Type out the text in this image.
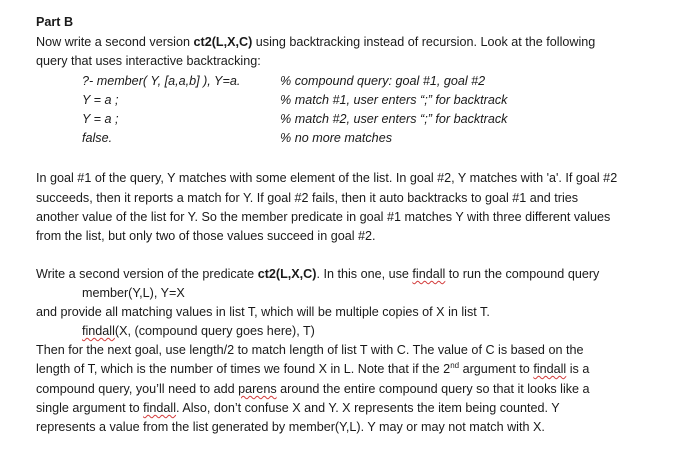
Part B
Now write a second version ct2(L,X,C) using backtracking instead of recursion. Look at the following
query that uses interactive backtracking:
?- member( Y, [a,a,b] ), Y=a.	% compound query: goal #1, goal #2
Y = a ;	% match #1, user enters “;” for backtrack
Y = a ;	% match #2, user enters “;” for backtrack
false.	% no more matches
In goal #1 of the query, Y matches with some element of the list. In goal #2, Y matches with 'a'. If goal #2
succeeds, then it reports a match for Y. If goal #2 fails, then it auto backtracks to goal #1 and tries
another value of the list for Y. So the member predicate in goal #1 matches Y with three different values
from the list, but only two of those values succeed in goal #2.
Write a second version of the predicate ct2(L,X,C). In this one, use findall to run the compound query
member(Y,L), Y=X
and provide all matching values in list T, which will be multiple copies of X in list T.
findall(X, (compound query goes here), T)
Then for the next goal, use length/2 to match length of list T with C. The value of C is based on the
length of T, which is the number of times we found X in L. Note that if the 2nd argument to findall is a
compound query, you’ll need to add parens around the entire compound query so that it looks like a
single argument to findall. Also, don’t confuse X and Y. X represents the item being counted. Y
represents a value from the list generated by member(Y,L). Y may or may not match with X.
